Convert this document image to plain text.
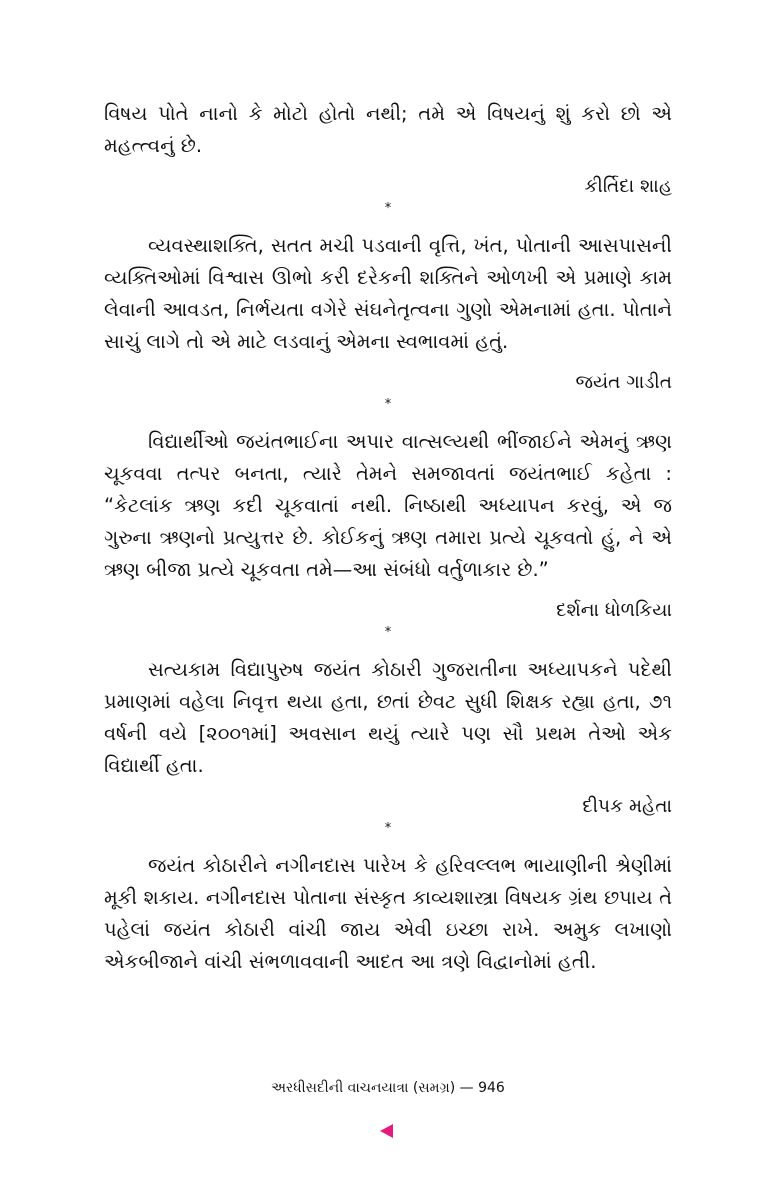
વિષય પોતે નાનો કે મોટો હોતો નથી; તમે એ વિષયનું શું કરો છો એ મહત્ત્વનું છે.

કીર્તિદા શાહ
*

વ્યવસ્થાશક્તિ, સતત મચી પડવાની વૃત્તિ, ખંત, પોતાની આસપાસની વ્યક્તિઓમાં વિશ્વાસ ઊભો કરી દરેકની શક્તિને ઓળખી એ પ્રમાણે કામ લેવાની આવડત, નિર્ભયતા વગેરે સંઘનેતૃત્વના ગુણો એમનામાં હતા. પોતાને સાચું લાગે તો એ માટે લડવાનું એમના સ્વભાવમાં હતું.

જયંત ગાડીત
*

વિદ્યાર્થીઓ જયંતભાઈના અપાર વાત્સલ્યથી ભીંજાઈને એમનું ઋણ ચૂકવવા તત્પર બનતા, ત્યારે તેમને સમજાવતાં જયંતભાઈ કહેતા : “કેટલાંક ઋણ કદી ચૂકવાતાં નથી. નિષ્ઠાથી અધ્યાપન કરવું, એ જ ગુરુના ઋણનો પ્રત્યુત્તર છે. કોઈકનું ઋણ તમારા પ્રત્યે ચૂકવતો હું, ને એ ઋણ બીજા પ્રત્યે ચૂકવતા તમે—આ સંબંધો વર્તુળાકાર છે.”

દર્શના ધોળકિયા
*

સત્યકામ વિદ્યાપુરુષ જયંત કોઠારી ગુજરાતીના અધ્યાપકને પદેથી પ્રમાણમાં વહેલા નિવૃત્ત થયા હતા, છતાં છેવટ સુધી શિક્ષક રહ્યા હતા, ૭૧ વર્ષની વયે [૨૦૦૧માં] અવસાન થયું ત્યારે પણ સૌ પ્રથમ તેઓ એક વિદ્યાર્થી હતા.

દીપક મહેતા
*

જયંત કોઠારીને નગીનદાસ પારેખ કે હરિવલ્લભ ભાયાણીની શ્રેણીમાં મૂકી શકાય. નગીનદાસ પોતાના સંસ્કૃત કાવ્યશાસ્ત્રા વિષયક ગ્રંથ છપાય તે પહેલાં જયંત કોઠારી વાંચી જાય એવી ઇચ્છા રાખે. અમુક લખાણો એકબીજાને વાંચી સંભળાવવાની આદત આ ત્રણે વિદ્વાનોમાં હતી.

અરધીસદીની વાચનયાત્રા (સમગ્ર) — 946
